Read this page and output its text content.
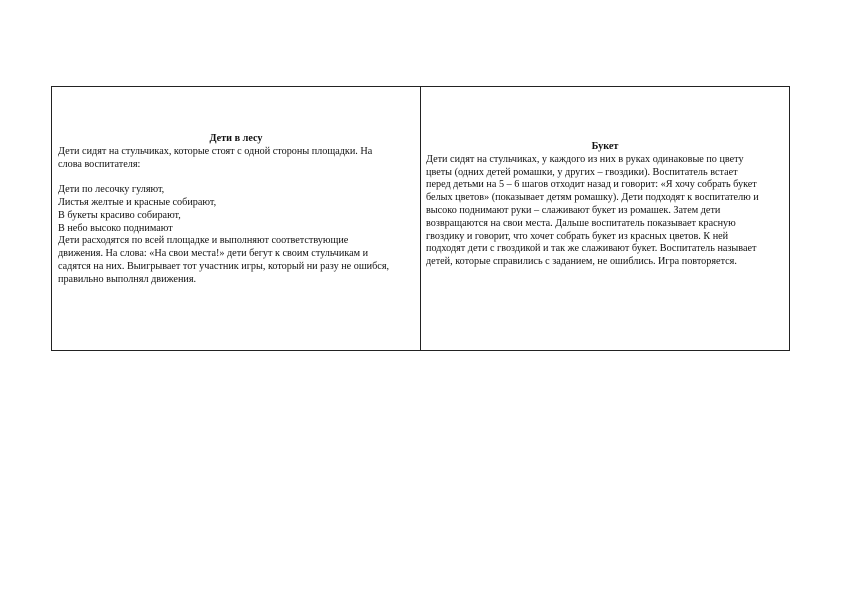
Дети в лесу
Дети сидят на стульчиках, которые стоят с одной стороны площадки. На
слова воспитателя:
Дети по лесочку гуляют,
Листья желтые и красные собирают,
В букеты красиво собирают,
В небо высоко поднимают
Дети расходятся по всей площадке и выполняют соответствующие
движения. На слова: «На свои места!» дети бегут к своим стульчикам и
садятся на них. Выигрывает тот участник игры, который ни разу не ошибся,
правильно выполнял движения.
Букет
Дети сидят на стульчиках, у каждого из них в руках одинаковые по цвету
цветы (одних детей ромашки, у других – гвоздики). Воспитатель встает
перед детьми на 5 – 6 шагов отходит назад и говорит: «Я хочу собрать букет
белых цветов» (показывает детям ромашку). Дети подходят к воспитателю и
высоко поднимают руки – слаживают букет из ромашек. Затем дети
возвращаются на свои места. Дальше воспитатель показывает красную
гвоздику и говорит, что хочет собрать букет из красных цветов. К ней
подходят дети с гвоздикой и так же слаживают букет. Воспитатель называет
детей, которые справились с заданием, не ошиблись. Игра повторяется.
